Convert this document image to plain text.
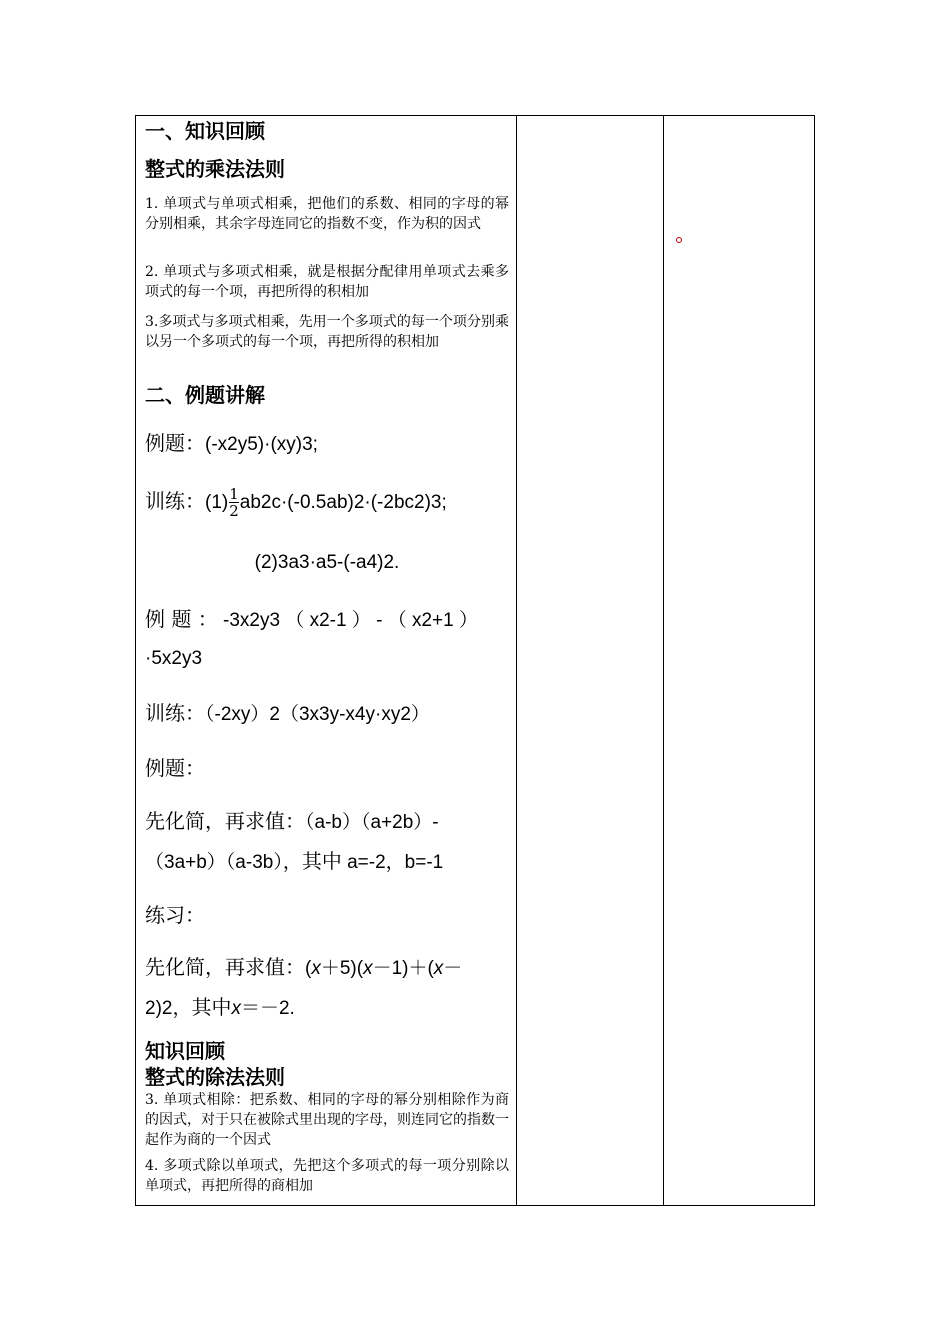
一、知识回顾
整式的乘法法则
1. 单项式与单项式相乘，把他们的系数、相同的字母的幂分别相乘，其余字母连同它的指数不变，作为积的因式
2. 单项式与多项式相乘，就是根据分配律用单项式去乘多项式的每一个项，再把所得的积相加
3.多项式与多项式相乘，先用一个多项式的每一个项分别乘以另一个多项式的每一个项，再把所得的积相加
二、例题讲解
例题：(-x2y5)·(xy)3;
训练：$(1) \frac{1}{2} ab2c\cdot(-0.5ab)2\cdot(-2bc2)3$;
(2)3a3·a5-(-a4)2.
例 题 ： -3x2y3 （ x2-1 ） - （ x2+1 ）
·5x2y3
训练：（-2xy）2（3x3y-x4y·xy2）
例题：
先化简，再求值：（a-b）（a+2b）-
（3a+b）（a-3b），其中 a=-2，b=-1
练习：
先化简，再求值：(x＋5)(x－1)＋(x－
2)2，其中x＝－2.
知识回顾
整式的除法法则
3. 单项式相除：把系数、相同的字母的幂分别相除作为商的因式，对于只在被除式里出现的字母，则连同它的指数一起作为商的一个因式
4. 多项式除以单项式，先把这个多项式的每一项分别除以单项式，再把所得的商相加
